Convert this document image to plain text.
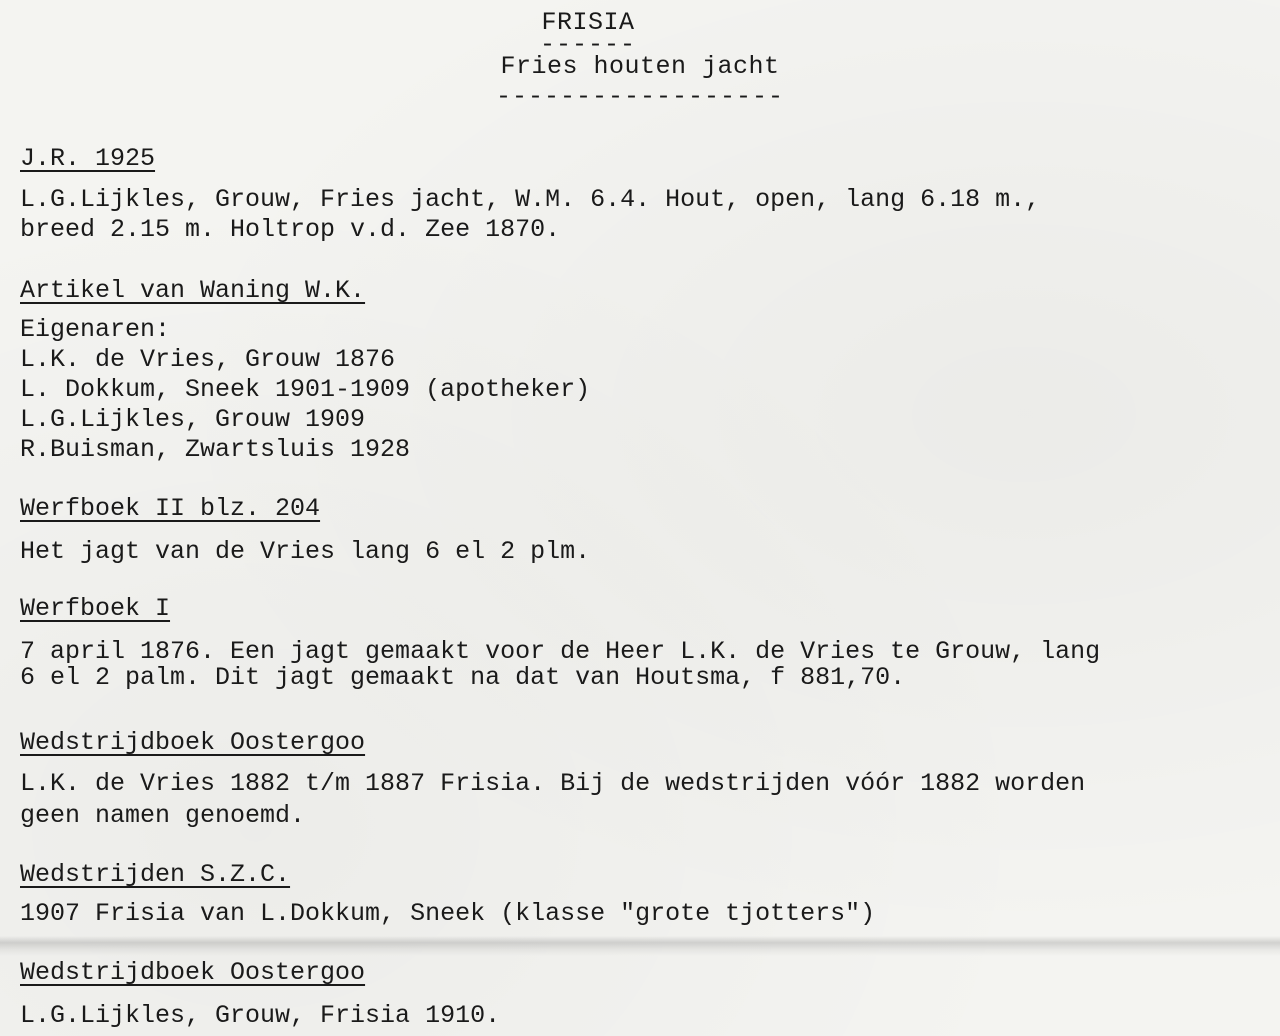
FRISIA
------
Fries houten jacht
------------------
J.R. 1925
L.G.Lijkles, Grouw, Fries jacht, W.M. 6.4. Hout, open, lang 6.18 m.,
breed 2.15 m. Holtrop v.d. Zee 1870.
Artikel van Waning W.K.
Eigenaren:
L.K. de Vries, Grouw 1876
L. Dokkum, Sneek 1901-1909 (apotheker)
L.G.Lijkles, Grouw 1909
R.Buisman, Zwartsluis 1928
Werfboek II blz. 204
Het jagt van de Vries lang 6 el 2 plm.
Werfboek I
7 april 1876. Een jagt gemaakt voor de Heer L.K. de Vries te Grouw, lang
6 el 2 palm. Dit jagt gemaakt na dat van Houtsma, f 881,70.
Wedstrijdboek Oostergoo
L.K. de Vries 1882 t/m 1887 Frisia. Bij de wedstrijden vóór 1882 worden
geen namen genoemd.
Wedstrijden S.Z.C.
1907 Frisia van L.Dokkum, Sneek (klasse "grote tjotters")
Wedstrijdboek Oostergoo
L.G.Lijkles, Grouw, Frisia 1910.
